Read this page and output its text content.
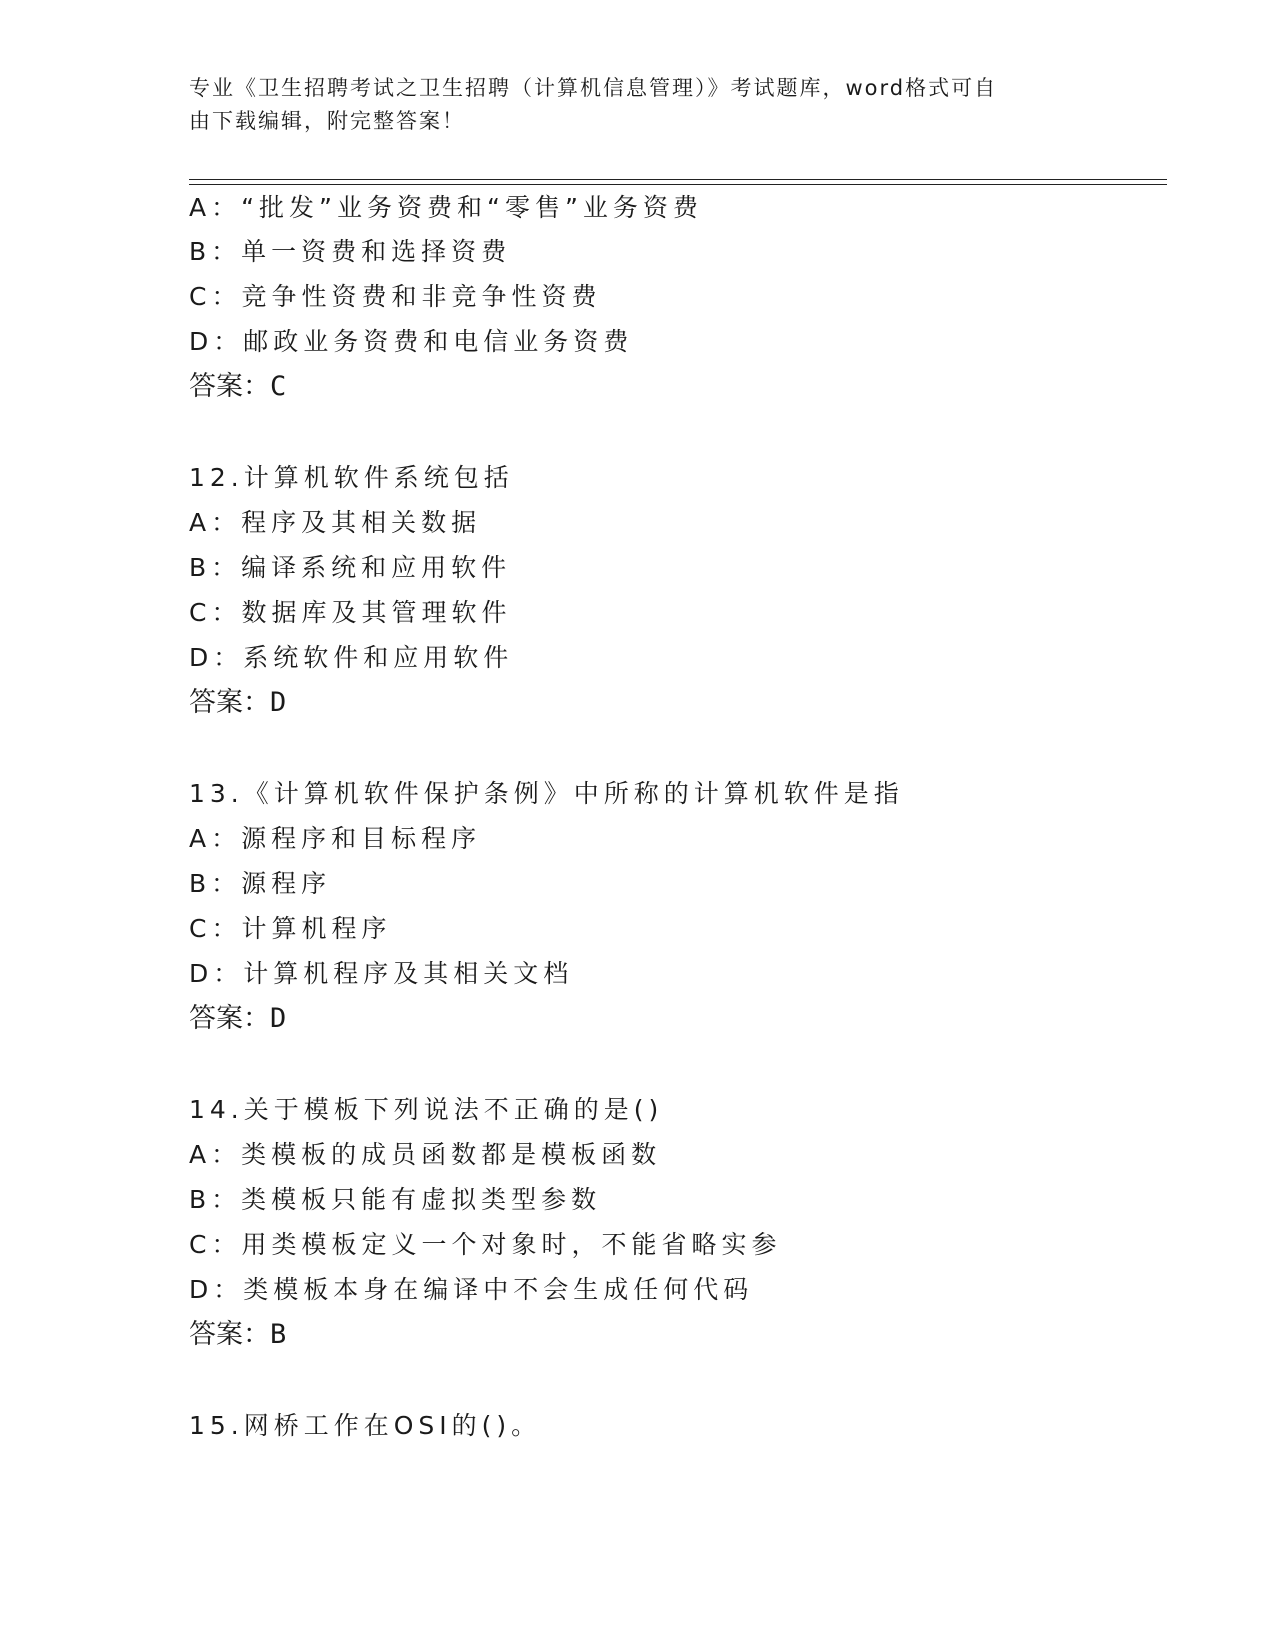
专业《卫生招聘考试之卫生招聘（计算机信息管理）》考试题库，word格式可自
由下载编辑，附完整答案！
A：“批发”业务资费和“零售”业务资费
B：单一资费和选择资费
C：竞争性资费和非竞争性资费
D：邮政业务资费和电信业务资费
答案：C
12.计算机软件系统包括
A：程序及其相关数据
B：编译系统和应用软件
C：数据库及其管理软件
D：系统软件和应用软件
答案：D
13.《计算机软件保护条例》中所称的计算机软件是指
A：源程序和目标程序
B：源程序
C：计算机程序
D：计算机程序及其相关文档
答案：D
14.关于模板下列说法不正确的是()
A：类模板的成员函数都是模板函数
B：类模板只能有虚拟类型参数
C：用类模板定义一个对象时，不能省略实参
D：类模板本身在编译中不会生成任何代码
答案：B
15.网桥工作在OSI的()。
